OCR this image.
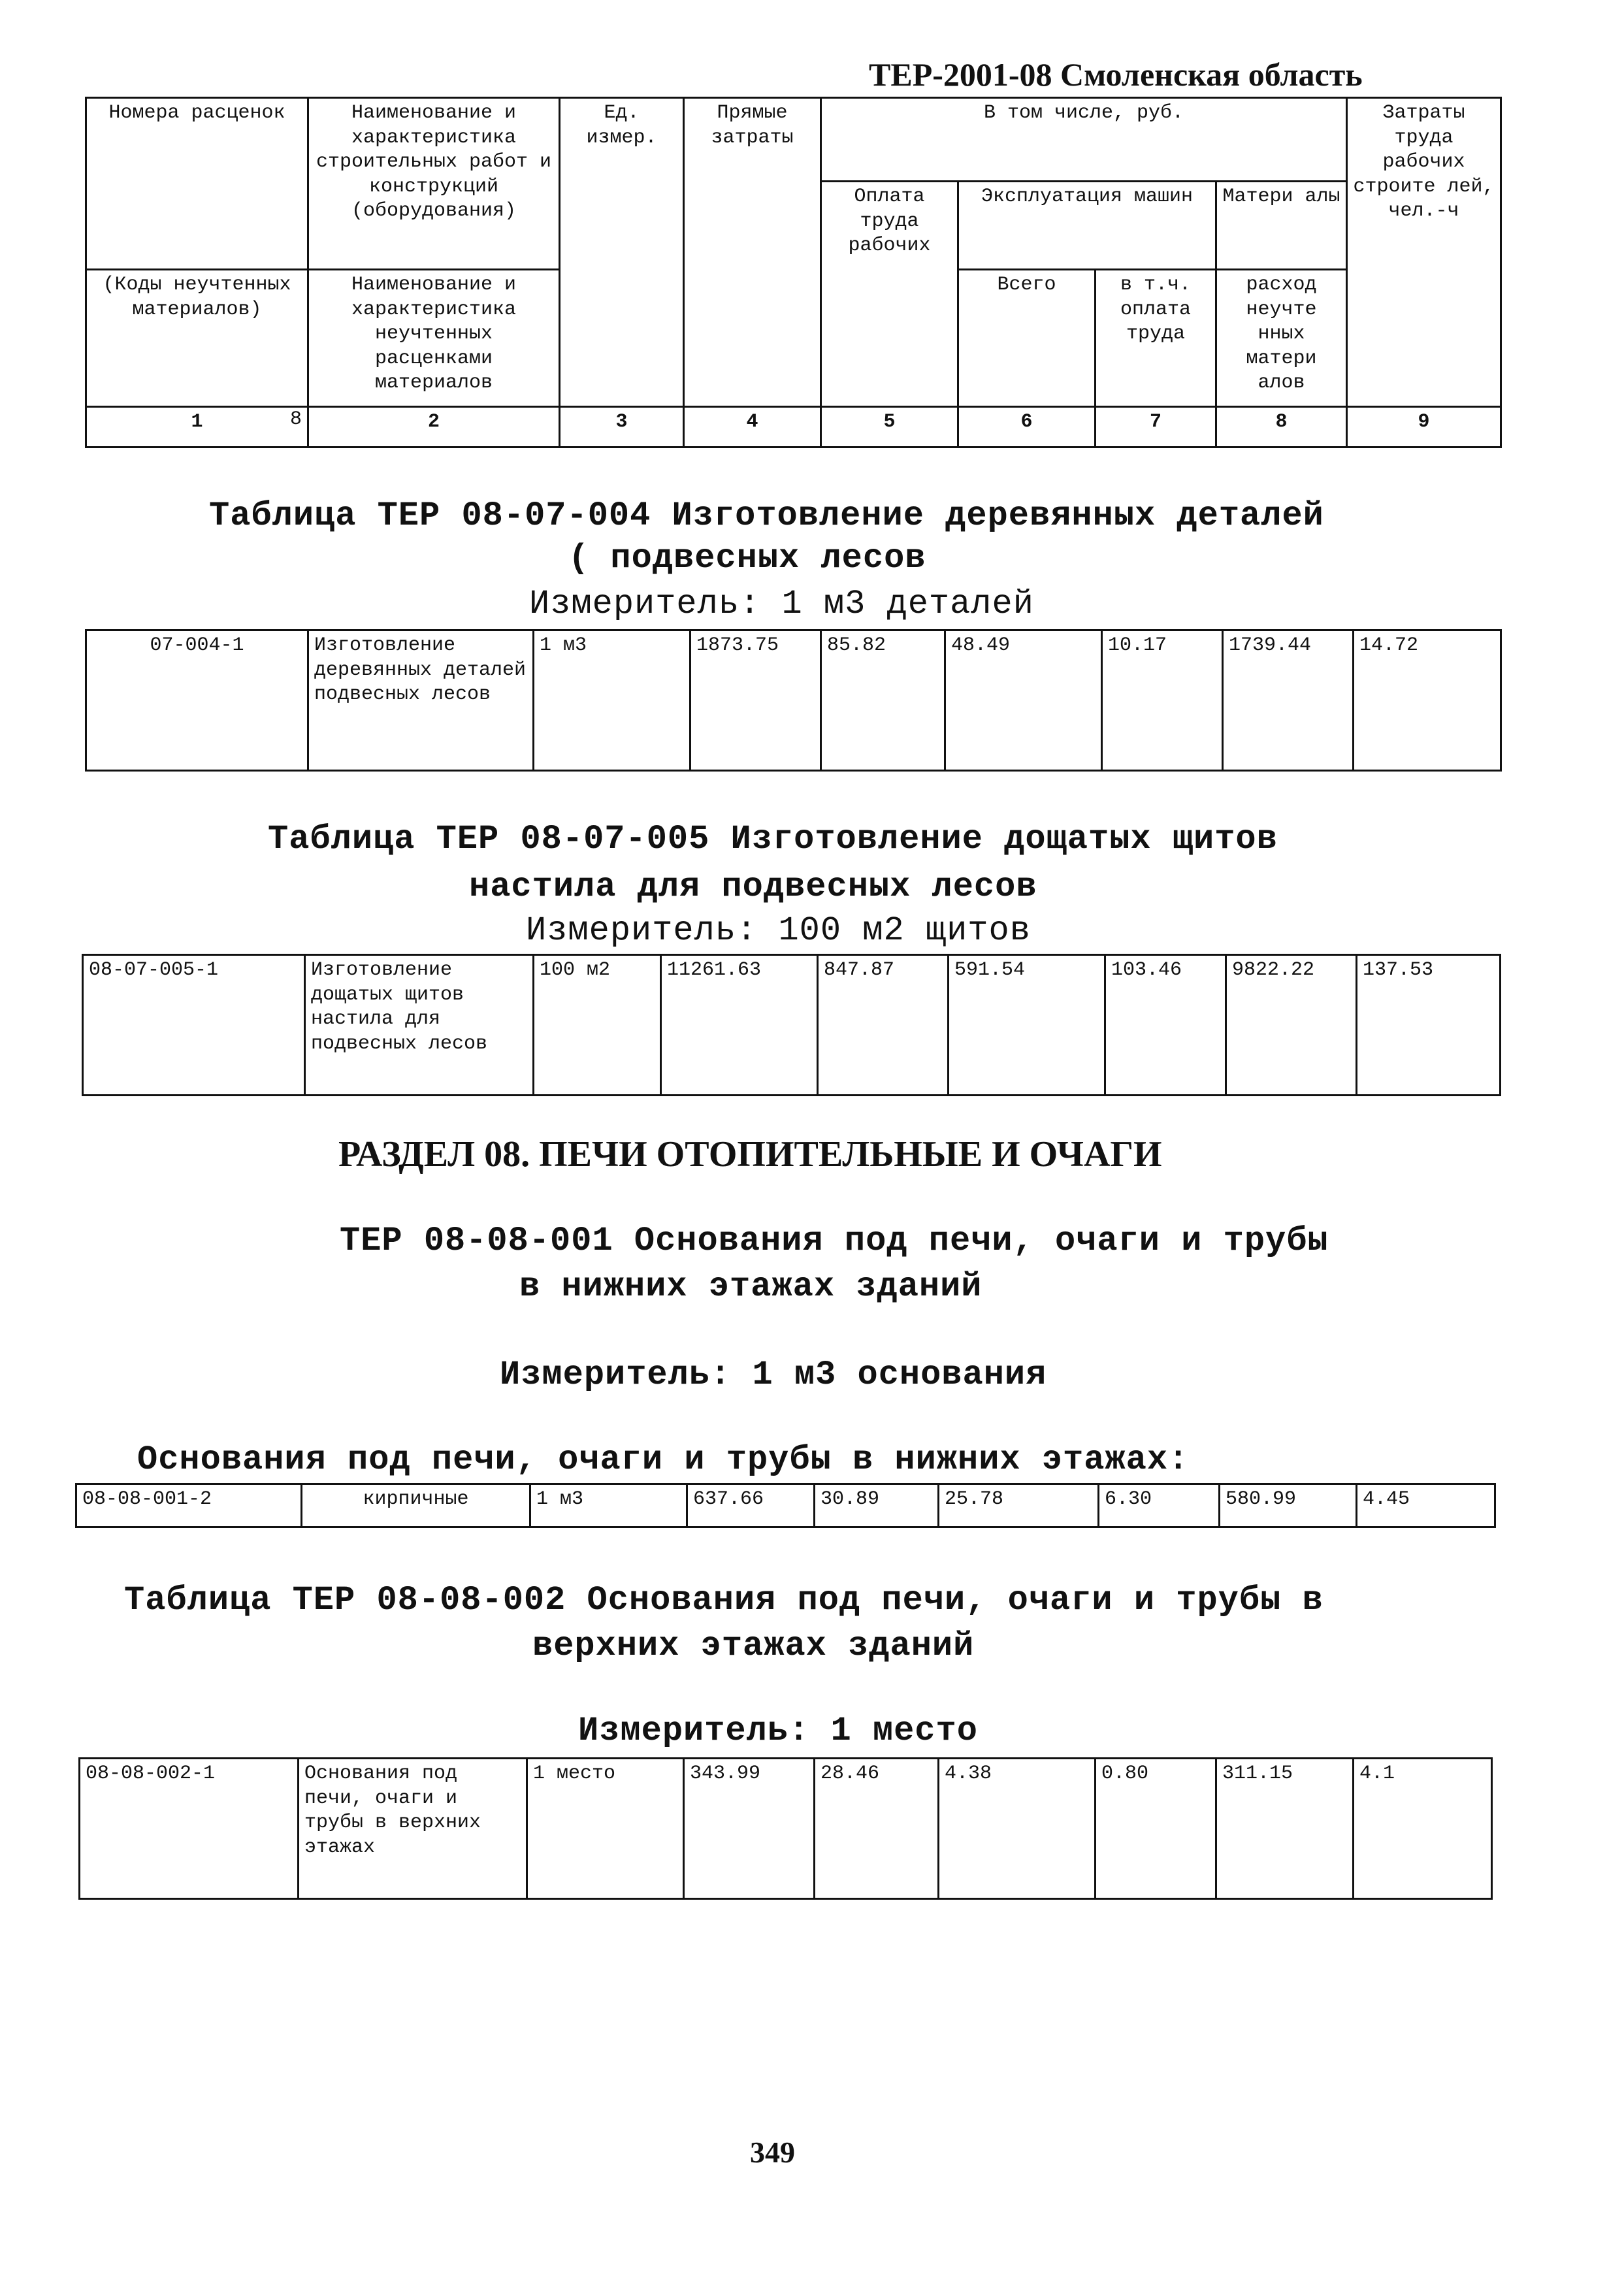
ТЕР-2001-08 Смоленская область
Номера расценок	Наименование и характеристика строительных работ и конструкций (оборудования)	Ед. измер.	Прямые затраты	В том числе, руб.				Затраты труда рабочих строите лей, чел.-ч
				Оплата труда рабочих	Эксплуатация машин		Матери алы	
(Коды неучтенных материалов)	Наименование и характеристика неучтенных расценками материалов				Всего	в т.ч. оплата труда	расход неучте нных матери алов	
1 8	2	3	4	5	6	7	8	9
Таблица ТЕР 08-07-004 Изготовление деревянных деталей
( подвесных лесов
Измеритель: 1 м3 деталей
07-004-1	Изготовление деревянных деталей подвесных лесов	1 м3	1873.75	85.82	48.49	10.17	1739.44	14.72
Таблица ТЕР 08-07-005 Изготовление дощатых щитов
настила для подвесных лесов
Измеритель: 100 м2 щитов
08-07-005-1	Изготовление дощатых щитов настила для подвесных лесов	100 м2	11261.63	847.87	591.54	103.46	9822.22	137.53
РАЗДЕЛ 08. ПЕЧИ ОТОПИТЕЛЬНЫЕ И ОЧАГИ
ТЕР 08-08-001 Основания под печи, очаги и трубы
в нижних этажах зданий
Измеритель: 1 м3 основания
Основания под печи, очаги и трубы в нижних этажах:
08-08-001-2	кирпичные	1 м3	637.66	30.89	25.78	6.30	580.99	4.45
Таблица ТЕР 08-08-002 Основания под печи, очаги и трубы в
верхних этажах зданий
Измеритель: 1 место
08-08-002-1	Основания под печи, очаги и трубы в верхних этажах	1 место	343.99	28.46	4.38	0.80	311.15	4.1
349
